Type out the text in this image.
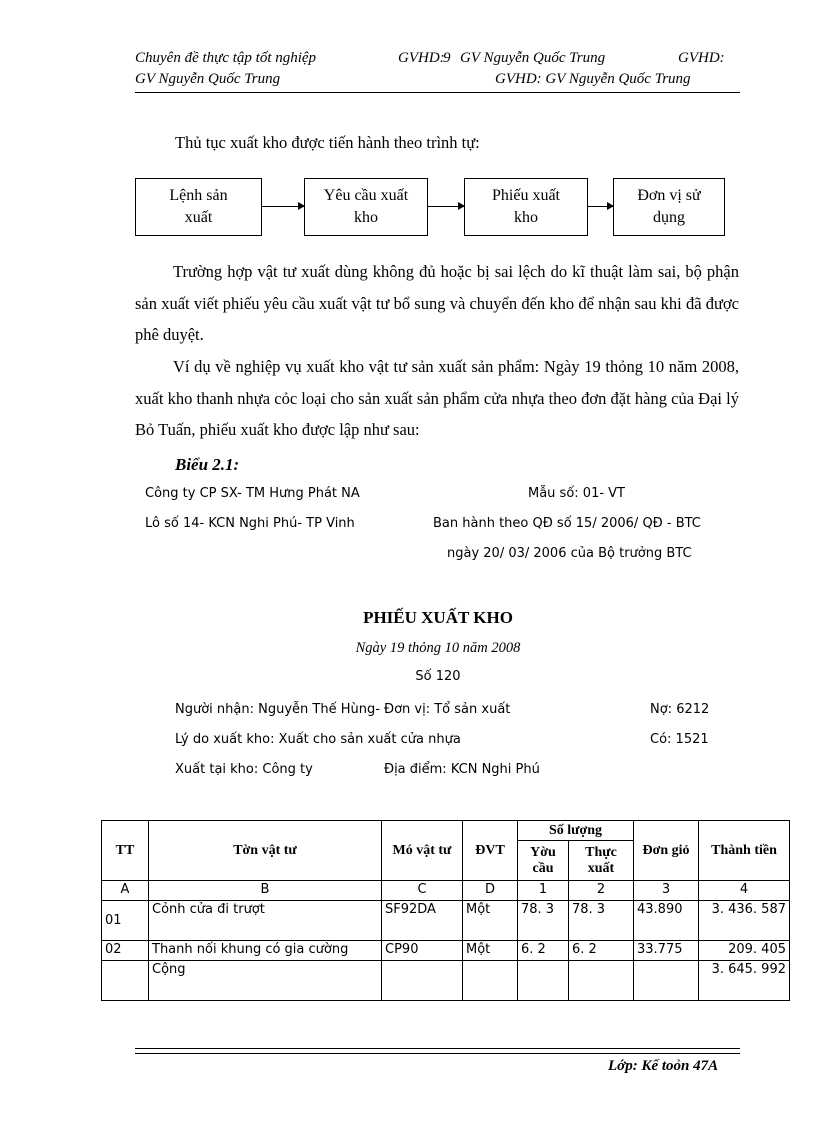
Chuyên đề thực tập tốt nghiệp	GVHD:
9 GV Nguyễn Quốc Trung	GVHD:
GV Nguyễn Quốc Trung	GVHD: GV Nguyễn Quốc Trung
Thủ tục xuất kho được tiến hành theo trình tự:
Lệnh sản
xuất
Yêu cầu xuất
kho
Phiếu xuất
kho
Đơn vị sử
dụng
Trường hợp vật tư xuất dùng không đủ hoặc bị sai lệch do kĩ thuật làm sai, bộ phận sản xuất viết phiếu yêu cầu xuất vật tư bổ sung và chuyển đến kho để nhận sau khi đã được phê duyệt.
Ví dụ về nghiệp vụ xuất kho vật tư sản xuất sản phẩm: Ngày 19 thỏng 10 năm 2008, xuất kho thanh nhựa cỏc loại cho sản xuất sản phẩm cửa nhựa theo đơn đặt hàng của Đại lý Bỏ Tuấn, phiếu xuất kho được lập như sau:
Biểu 2.1:
Công ty CP SX- TM Hưng Phát NA	Mẫu số: 01- VT
Lô số 14- KCN Nghi Phú- TP Vinh	Ban hành theo QĐ số 15/ 2006/ QĐ - BTC
ngày 20/ 03/ 2006 của Bộ trưởng BTC
PHIẾU XUẤT KHO
Ngày 19 thỏng 10 năm 2008
Số 120
Người nhận: Nguyễn Thế Hùng- Đơn vị: Tổ sản xuất	Nợ: 6212
Lý do xuất kho: Xuất cho sản xuất cửa nhựa	Có: 1521
Xuất tại kho: Công ty	Địa điểm: KCN Nghi Phú
TT	Tờn vật tư	Mó vật tư	ĐVT	Số lượng		Đơn giỏ	Thành tiền
				Yờu cầu	Thực xuất		
A	B	C	D	1	2	3	4
01	Cỏnh cửa đi trượt	SF92DA	Một	78. 3	78. 3	43.890	3. 436. 587
02	Thanh nối khung có gia cường	CP90	Một	6. 2	6. 2	33.775	209. 405
	Cộng						3. 645. 992
Lớp: Kế toỏn 47A
